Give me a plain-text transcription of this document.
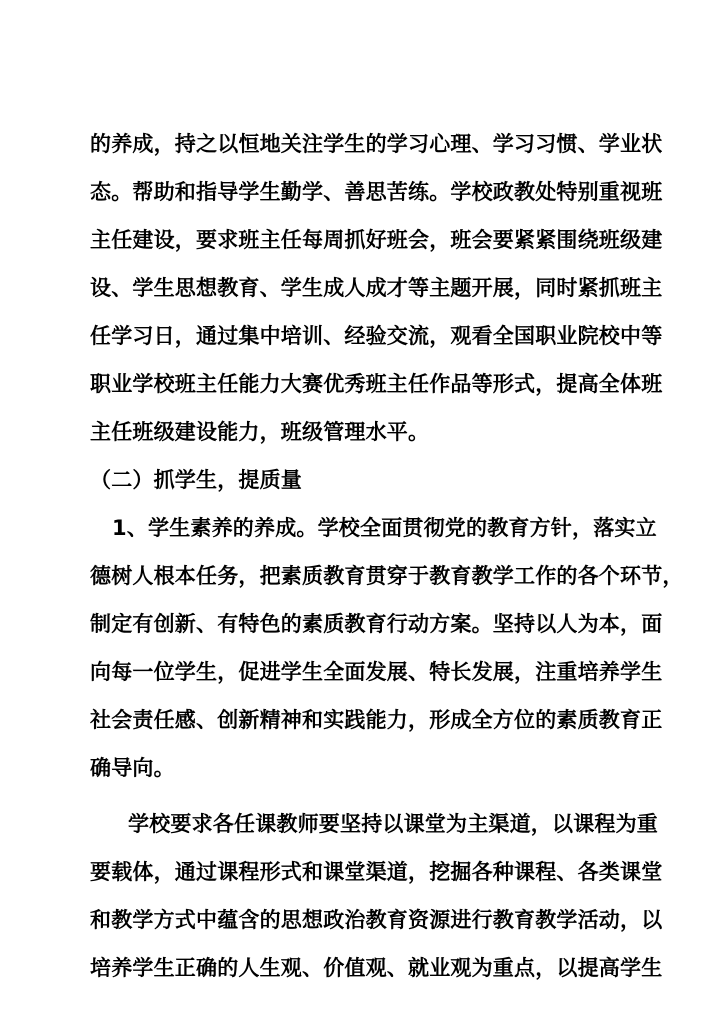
的养成，持之以恒地关注学生的学习心理、学习习惯、学业状
态。帮助和指导学生勤学、善思苦练。学校政教处特别重视班
主任建设，要求班主任每周抓好班会，班会要紧紧围绕班级建
设、学生思想教育、学生成人成才等主题开展，同时紧抓班主
任学习日，通过集中培训、经验交流，观看全国职业院校中等
职业学校班主任能力大赛优秀班主任作品等形式，提高全体班
主任班级建设能力，班级管理水平。
（二）抓学生，提质量
1、学生素养的养成。学校全面贯彻党的教育方针，落实立
德树人根本任务，把素质教育贯穿于教育教学工作的各个环节，
制定有创新、有特色的素质教育行动方案。坚持以人为本，面
向每一位学生，促进学生全面发展、特长发展，注重培养学生
社会责任感、创新精神和实践能力，形成全方位的素质教育正
确导向。
学校要求各任课教师要坚持以课堂为主渠道，以课程为重
要载体，通过课程形式和课堂渠道，挖掘各种课程、各类课堂
和教学方式中蕴含的思想政治教育资源进行教育教学活动，以
培养学生正确的人生观、价值观、就业观为重点，以提高学生
